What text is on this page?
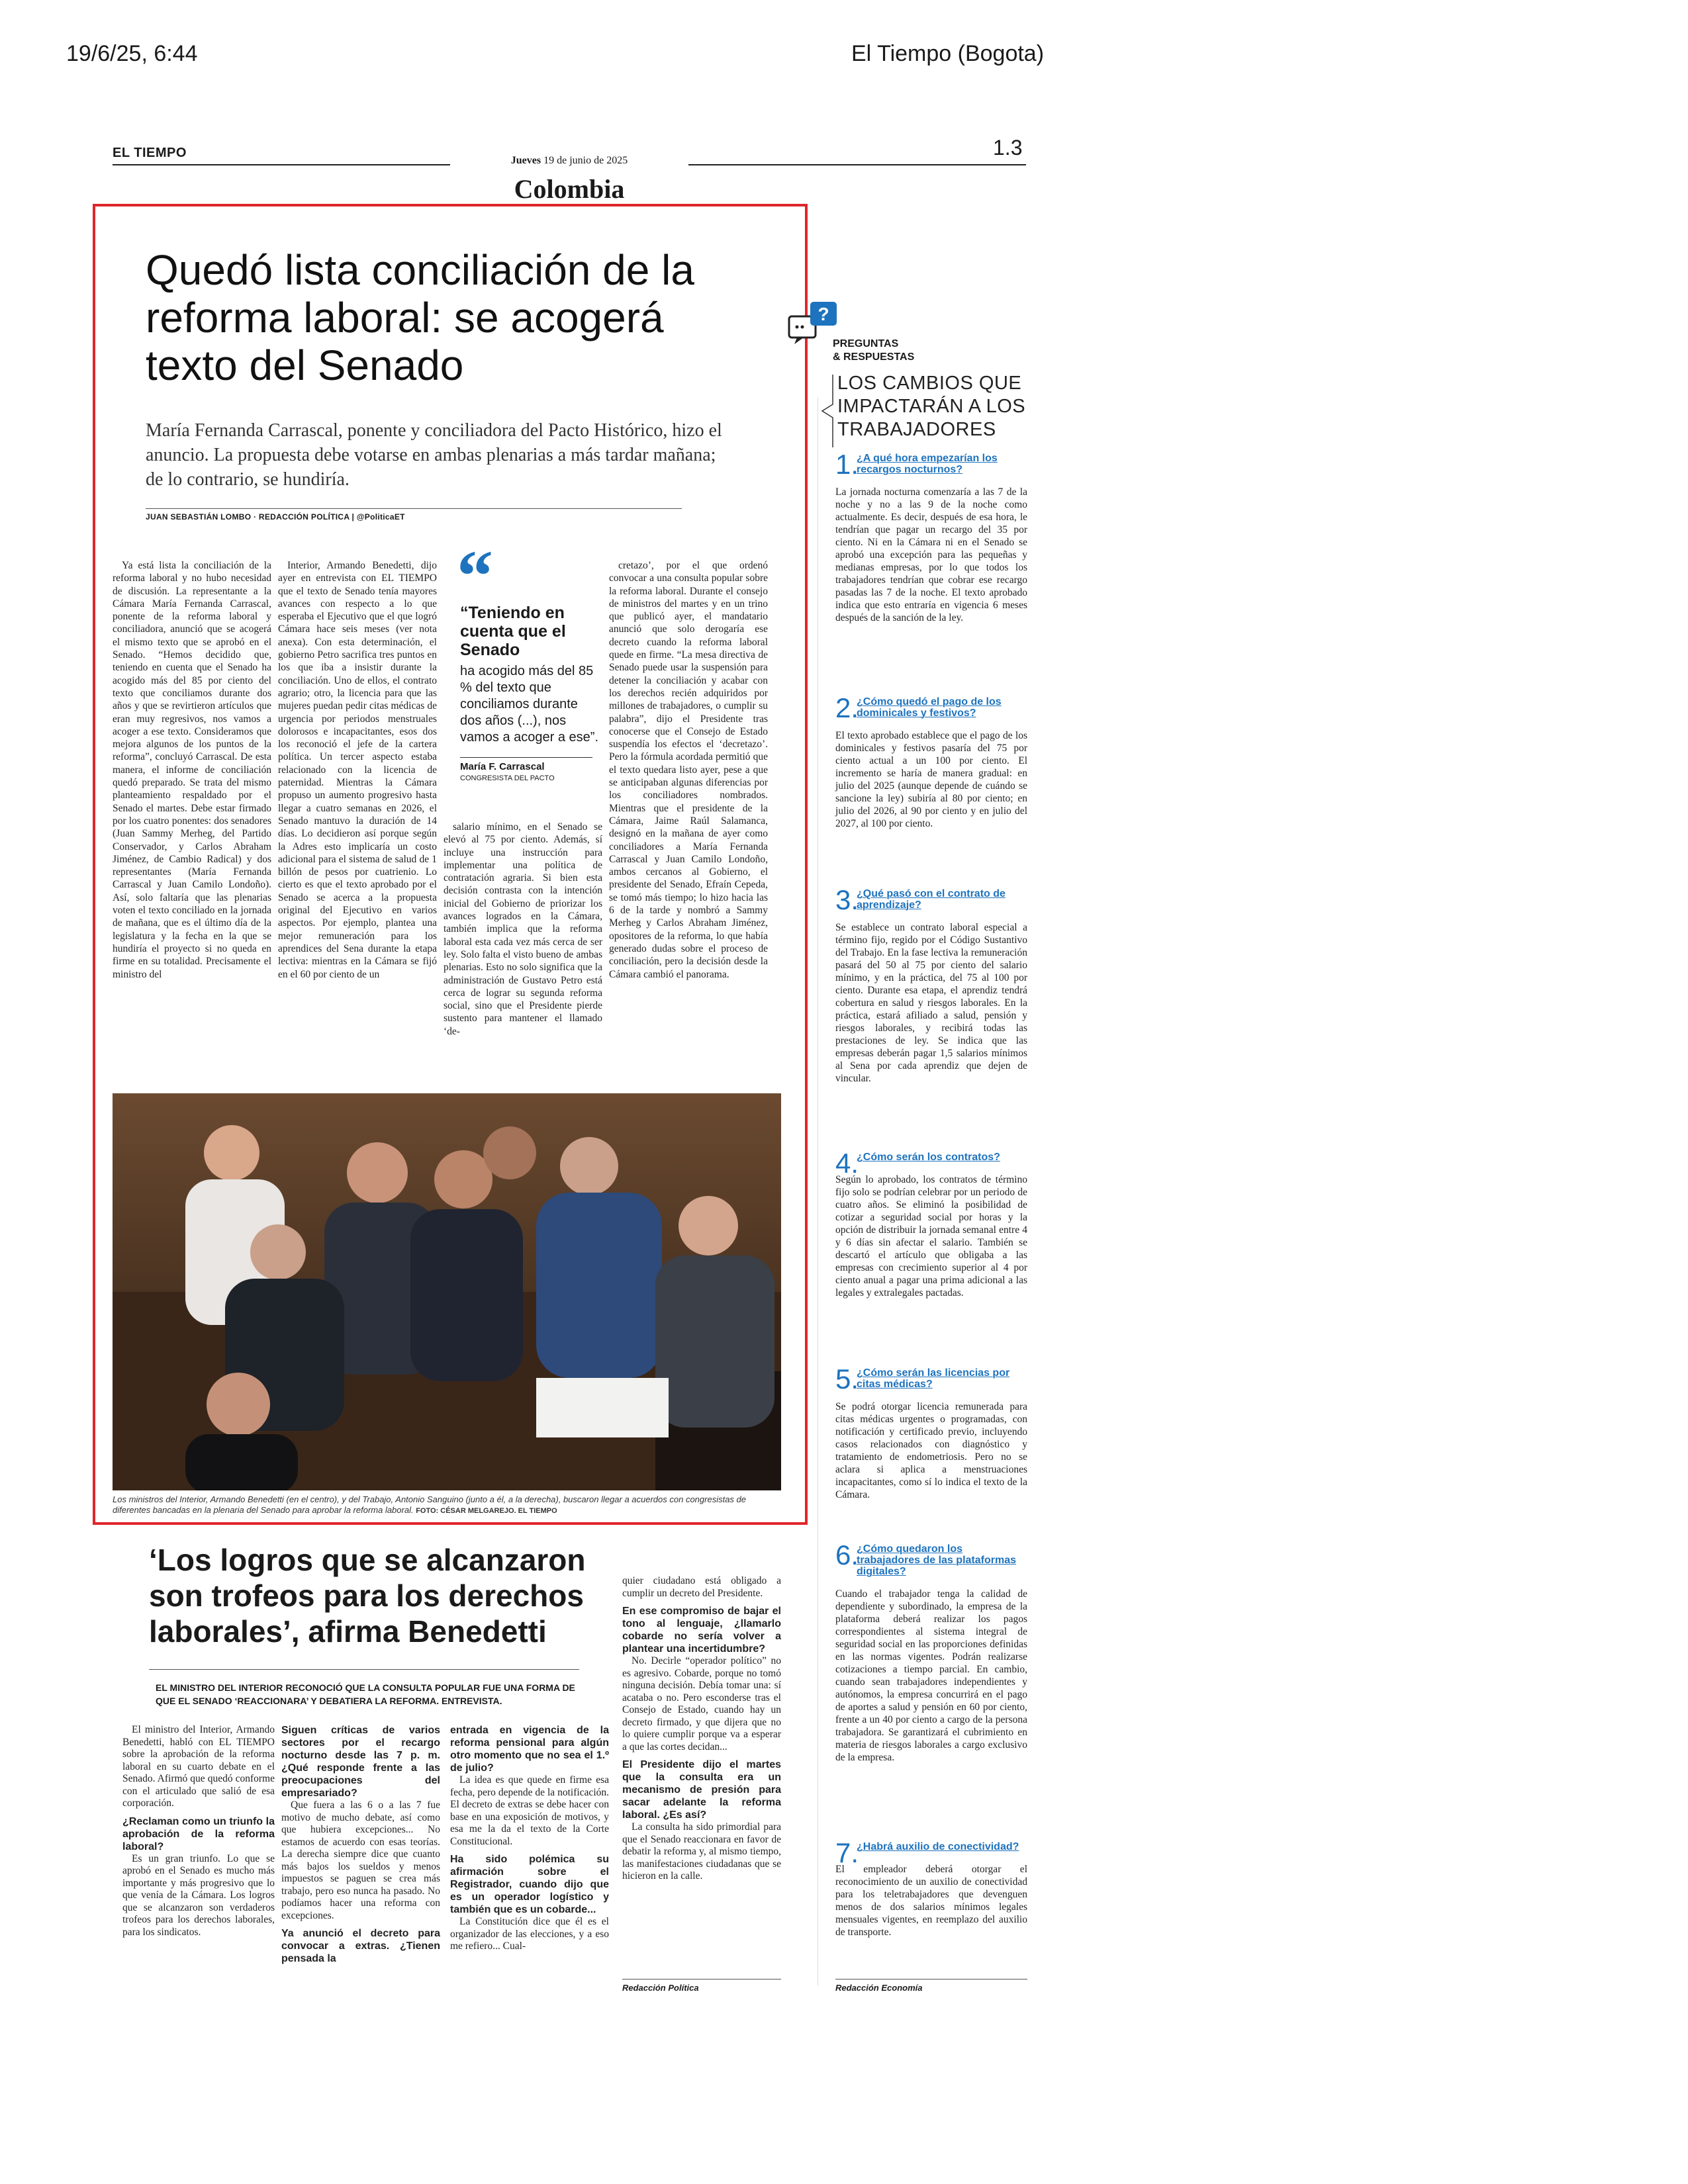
19/6/25, 6:44	El Tiempo (Bogota)
EL TIEMPO
Jueves 19 de junio de 2025
1.3
Colombia
Quedó lista conciliación de la reforma laboral: se acogerá texto del Senado
María Fernanda Carrascal, ponente y conciliadora del Pacto Histórico, hizo el anuncio. La propuesta debe votarse en ambas plenarias a más tardar mañana; de lo contrario, se hundiría.
JUAN SEBASTIÁN LOMBO · REDACCIÓN POLÍTICA | @PoliticaET

Ya está lista la conciliación de la reforma laboral y no hubo necesidad de discusión. La representante a la Cámara María Fernanda Carrascal, ponente de la reforma laboral y conciliadora, anunció que se acogerá el mismo texto que se aprobó en el Senado. “Hemos decidido que, teniendo en cuenta que el Senado ha acogido más del 85 por ciento del texto que conciliamos durante dos años y que se revirtieron artículos que eran muy regresivos, nos vamos a acoger a ese texto. Consideramos que mejora algunos de los puntos de la reforma”, concluyó Carrascal. De esta manera, el informe de conciliación quedó preparado. Se trata del mismo planteamiento respaldado por el Senado el martes. Debe estar firmado por los cuatro ponentes: dos senadores (Juan Sammy Merheg, del Partido Conservador, y Carlos Abraham Jiménez, de Cambio Radical) y dos representantes (María Fernanda Carrascal y Juan Camilo Londoño). Así, solo faltaría que las plenarias voten el texto conciliado en la jornada de mañana, que es el último día de la legislatura y la fecha en la que se hundiría el proyecto si no queda en firme en su totalidad. Precisamente el ministro del

Interior, Armando Benedetti, dijo ayer en entrevista con EL TIEMPO que el texto de Senado tenía mayores avances con respecto a lo que esperaba el Ejecutivo que el que logró Cámara hace seis meses (ver nota anexa). Con esta determinación, el gobierno Petro sacrifica tres puntos en los que iba a insistir durante la conciliación. Uno de ellos, el contrato agrario; otro, la licencia para que las mujeres puedan pedir citas médicas de urgencia por periodos menstruales dolorosos e incapacitantes, esos dos los reconoció el jefe de la cartera política. Un tercer aspecto estaba relacionado con la licencia de paternidad. Mientras la Cámara propuso un aumento progresivo hasta llegar a cuatro semanas en 2026, el Senado mantuvo la duración de 14 días. Lo decidieron así porque según la Adres esto implicaría un costo adicional para el sistema de salud de 1 billón de pesos por cuatrienio. Lo cierto es que el texto aprobado por el Senado se acerca a la propuesta original del Ejecutivo en varios aspectos. Por ejemplo, plantea una mejor remuneración para los aprendices del Sena durante la etapa lectiva: mientras en la Cámara se fijó en el 60 por ciento de un

“
“Teniendo en cuenta que el Senado
ha acogido más del 85 % del texto que conciliamos durante dos años (...), nos vamos a acoger a ese”.
María F. Carrascal
CONGRESISTA DEL PACTO

salario mínimo, en el Senado se elevó al 75 por ciento. Además, sí incluye una instrucción para implementar una política de contratación agraria. Si bien esta decisión contrasta con la intención inicial del Gobierno de priorizar los avances logrados en la Cámara, también implica que la reforma laboral esta cada vez más cerca de ser ley. Solo falta el visto bueno de ambas plenarias. Esto no solo significa que la administración de Gustavo Petro está cerca de lograr su segunda reforma social, sino que el Presidente pierde sustento para mantener el llamado ‘de-

cretazo’, por el que ordenó convocar a una consulta popular sobre la reforma laboral. Durante el consejo de ministros del martes y en un trino que publicó ayer, el mandatario anunció que solo derogaría ese decreto cuando la reforma laboral quede en firme. “La mesa directiva de Senado puede usar la suspensión para detener la conciliación y acabar con los derechos recién adquiridos por millones de trabajadores, o cumplir su palabra”, dijo el Presidente tras conocerse que el Consejo de Estado suspendía los efectos el ‘decretazo’. Pero la fórmula acordada permitió que el texto quedara listo ayer, pese a que se anticipaban algunas diferencias por los conciliadores nombrados. Mientras que el presidente de la Cámara, Jaime Raúl Salamanca, designó en la mañana de ayer como conciliadores a María Fernanda Carrascal y Juan Camilo Londoño, ambos cercanos al Gobierno, el presidente del Senado, Efraín Cepeda, se tomó más tiempo; lo hizo hacia las 6 de la tarde y nombró a Sammy Merheg y Carlos Abraham Jiménez, opositores de la reforma, lo que había generado dudas sobre el proceso de conciliación, pero la decisión desde la Cámara cambió el panorama.

Los ministros del Interior, Armando Benedetti (en el centro), y del Trabajo, Antonio Sanguino (junto a él, a la derecha), buscaron llegar a acuerdos con congresistas de diferentes bancadas en la plenaria del Senado para aprobar la reforma laboral. FOTO: CÉSAR MELGAREJO. EL TIEMPO
‘Los logros que se alcanzaron son trofeos para los derechos laborales’, afirma Benedetti
EL MINISTRO DEL INTERIOR RECONOCIÓ QUE LA CONSULTA POPULAR FUE UNA FORMA DE QUE EL SENADO ‘REACCIONARA’ Y DEBATIERA LA REFORMA. ENTREVISTA.

El ministro del Interior, Armando Benedetti, habló con EL TIEMPO sobre la aprobación de la reforma laboral en su cuarto debate en el Senado. Afirmó que quedó conforme con el articulado que salió de esa corporación.

¿Reclaman como un triunfo la aprobación de la reforma laboral?

Es un gran triunfo. Lo que se aprobó en el Senado es mucho más importante y más progresivo que lo que venía de la Cámara. Los logros que se alcanzaron son verdaderos trofeos para los derechos laborales, para los sindicatos.

Siguen críticas de varios sectores por el recargo nocturno desde las 7 p. m. ¿Qué responde frente a las preocupaciones del empresariado?

Que fuera a las 6 o a las 7 fue motivo de mucho debate, así como que hubiera excepciones... No estamos de acuerdo con esas teorías. La derecha siempre dice que cuanto más bajos los sueldos y menos impuestos se paguen se crea más trabajo, pero eso nunca ha pasado. No podíamos hacer una reforma con excepciones.

Ya anunció el decreto para convocar a extras. ¿Tienen pensada la

entrada en vigencia de la reforma pensional para algún otro momento que no sea el 1.º de julio?

La idea es que quede en firme esa fecha, pero depende de la notificación. El decreto de extras se debe hacer con base en una exposición de motivos, y esa me la da el texto de la Corte Constitucional.

Ha sido polémica su afirmación sobre el Registrador, cuando dijo que es un operador logístico y también que es un cobarde...

La Constitución dice que él es el organizador de las elecciones, y a eso me refiero... Cual-

quier ciudadano está obligado a cumplir un decreto del Presidente.

En ese compromiso de bajar el tono al lenguaje, ¿llamarlo cobarde no sería volver a plantear una incertidumbre?

No. Decirle “operador político” no es agresivo. Cobarde, porque no tomó ninguna decisión. Debía tomar una: sí acataba o no. Pero esconderse tras el Consejo de Estado, cuando hay un decreto firmado, y que dijera que no lo quiere cumplir porque va a esperar a que las cortes decidan...

El Presidente dijo el martes que la consulta era un mecanismo de presión para sacar adelante la reforma laboral. ¿Es así?

La consulta ha sido primordial para que el Senado reaccionara en favor de debatir la reforma y, al mismo tiempo, las manifestaciones ciudadanas que se hicieron en la calle.

Redacción Política
?
PREGUNTAS
& RESPUESTAS
LOS CAMBIOS QUE IMPACTARÁN A LOS TRABAJADORES
1.
¿A qué hora empezarían los recargos nocturnos?
La jornada nocturna comenzaría a las 7 de la noche y no a las 9 de la noche como actualmente. Es decir, después de esa hora, le tendrían que pagar un recargo del 35 por ciento. Ni en la Cámara ni en el Senado se aprobó una excepción para las pequeñas y medianas empresas, por lo que todos los trabajadores tendrían que cobrar ese recargo pasadas las 7 de la noche. El texto aprobado indica que esto entraría en vigencia 6 meses después de la sanción de la ley.
2.
¿Cómo quedó el pago de los dominicales y festivos?
El texto aprobado establece que el pago de los dominicales y festivos pasaría del 75 por ciento actual a un 100 por ciento. El incremento se haría de manera gradual: en julio del 2025 (aunque depende de cuándo se sancione la ley) subiría al 80 por ciento; en julio del 2026, al 90 por ciento y en julio del 2027, al 100 por ciento.
3.
¿Qué pasó con el contrato de aprendizaje?
Se establece un contrato laboral especial a término fijo, regido por el Código Sustantivo del Trabajo. En la fase lectiva la remuneración pasará del 50 al 75 por ciento del salario mínimo, y en la práctica, del 75 al 100 por ciento. Durante esa etapa, el aprendiz tendrá cobertura en salud y riesgos laborales. En la práctica, estará afiliado a salud, pensión y riesgos laborales, y recibirá todas las prestaciones de ley. Se indica que las empresas deberán pagar 1,5 salarios mínimos al Sena por cada aprendiz que dejen de vincular.
4.
¿Cómo serán los contratos?
Según lo aprobado, los contratos de término fijo solo se podrían celebrar por un periodo de cuatro años. Se eliminó la posibilidad de cotizar a seguridad social por horas y la opción de distribuir la jornada semanal entre 4 y 6 días sin afectar el salario. También se descartó el artículo que obligaba a las empresas con crecimiento superior al 4 por ciento anual a pagar una prima adicional a las legales y extralegales pactadas.
5.
¿Cómo serán las licencias por citas médicas?
Se podrá otorgar licencia remunerada para citas médicas urgentes o programadas, con notificación y certificado previo, incluyendo casos relacionados con diagnóstico y tratamiento de endometriosis. Pero no se aclara si aplica a menstruaciones incapacitantes, como sí lo indica el texto de la Cámara.
6.
¿Cómo quedaron los trabajadores de las plataformas digitales?
Cuando el trabajador tenga la calidad de dependiente y subordinado, la empresa de la plataforma deberá realizar los pagos correspondientes al sistema integral de seguridad social en las proporciones definidas en las normas vigentes. Podrán realizarse cotizaciones a tiempo parcial. En cambio, cuando sean trabajadores independientes y autónomos, la empresa concurrirá en el pago de aportes a salud y pensión en 60 por ciento, frente a un 40 por ciento a cargo de la persona trabajadora. Se garantizará el cubrimiento en materia de riesgos laborales a cargo exclusivo de la empresa.
7.
¿Habrá auxilio de conectividad?
El empleador deberá otorgar el reconocimiento de un auxilio de conectividad para los teletrabajadores que devenguen menos de dos salarios mínimos legales mensuales vigentes, en reemplazo del auxilio de transporte.
Redacción Economía
